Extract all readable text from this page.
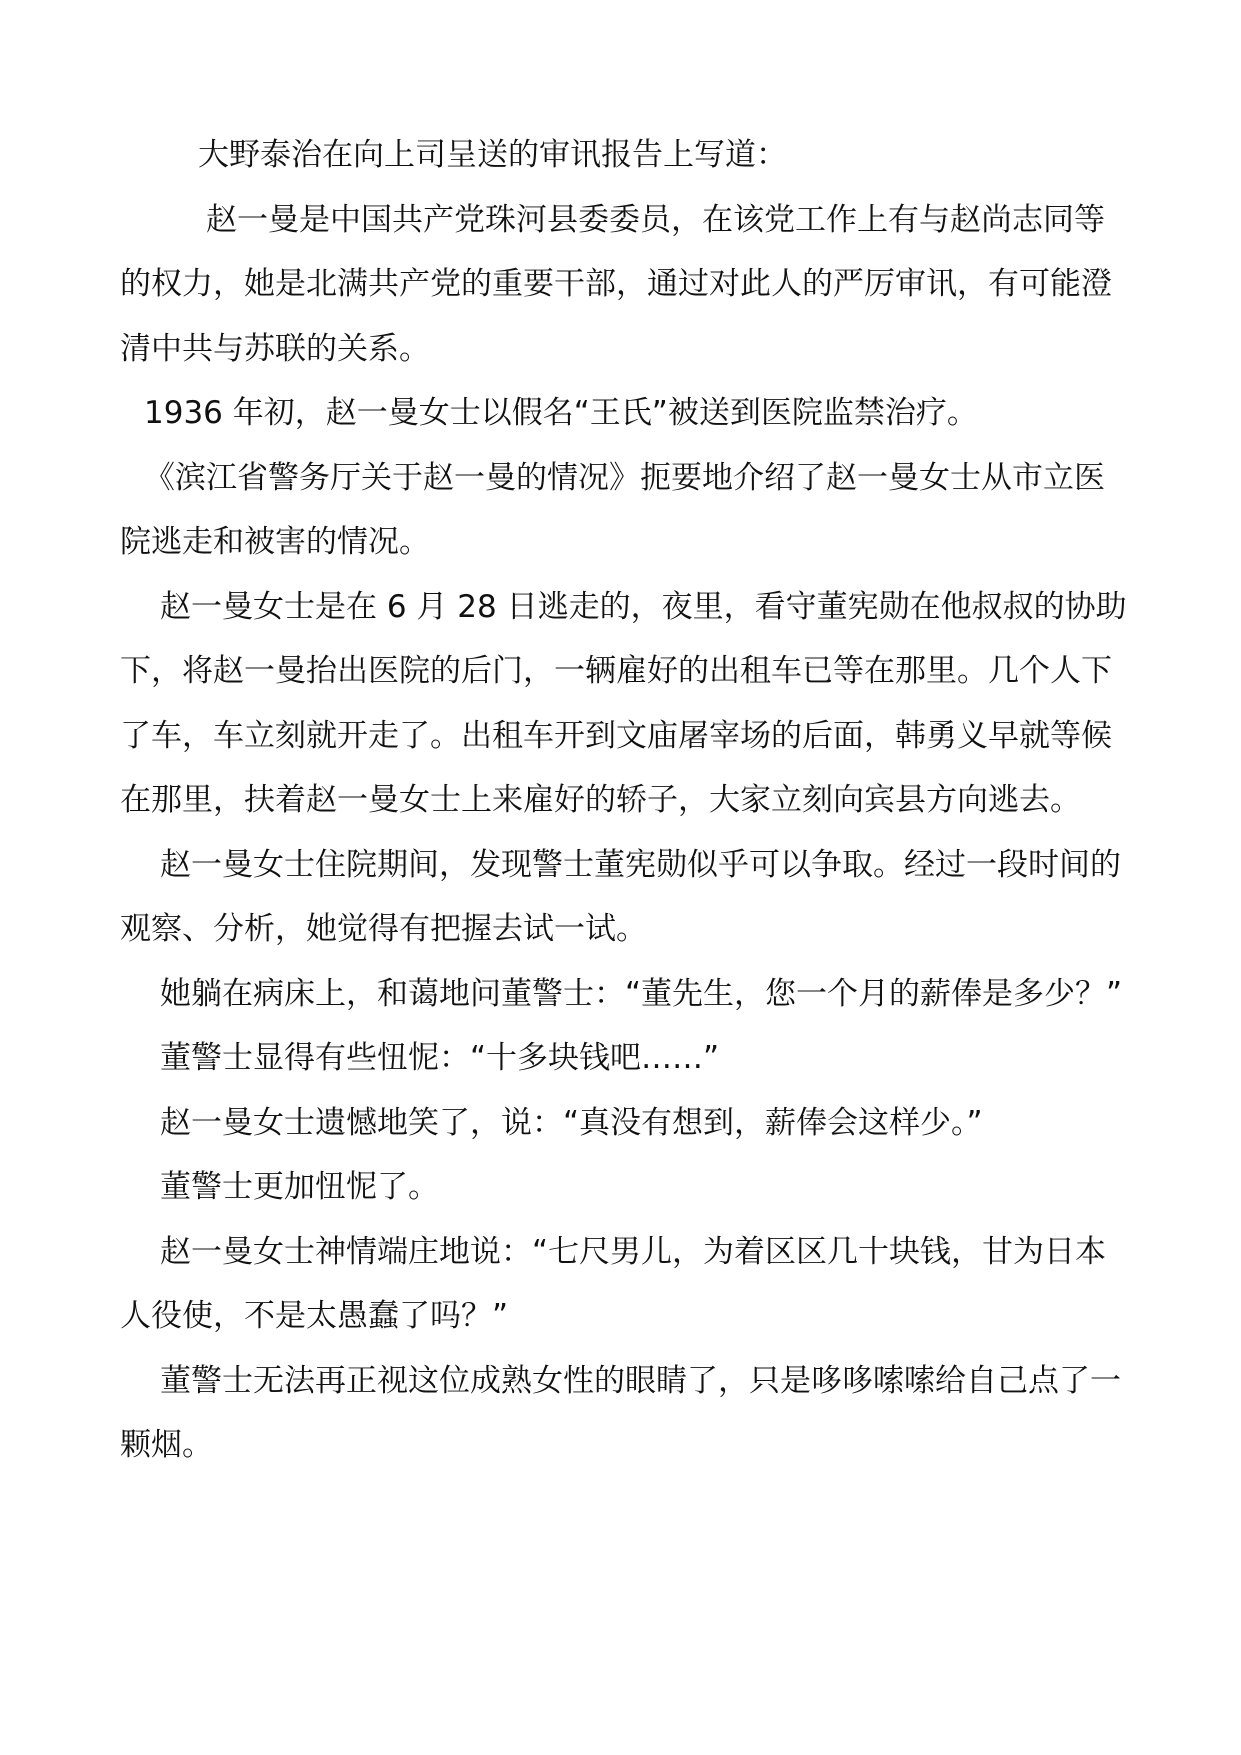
大野泰治在向上司呈送的审讯报告上写道：

赵一曼是中国共产党珠河县委委员，在该党工作上有与赵尚志同等的权力，她是北满共产党的重要干部，通过对此人的严厉审讯，有可能澄清中共与苏联的关系。

1936 年初，赵一曼女士以假名“王氏”被送到医院监禁治疗。

《滨江省警务厅关于赵一曼的情况》扼要地介绍了赵一曼女士从市立医院逃走和被害的情况。

赵一曼女士是在 6 月 28 日逃走的，夜里，看守董宪勋在他叔叔的协助下，将赵一曼抬出医院的后门，一辆雇好的出租车已等在那里。几个人下了车，车立刻就开走了。出租车开到文庙屠宰场的后面，韩勇义早就等候在那里，扶着赵一曼女士上来雇好的轿子，大家立刻向宾县方向逃去。

赵一曼女士住院期间，发现警士董宪勋似乎可以争取。经过一段时间的观察、分析，她觉得有把握去试一试。

她躺在病床上，和蔼地问董警士：“董先生，您一个月的薪俸是多少？”

董警士显得有些忸怩：“十多块钱吧……”

赵一曼女士遗憾地笑了，说：“真没有想到，薪俸会这样少。”

董警士更加忸怩了。

赵一曼女士神情端庄地说：“七尺男儿，为着区区几十块钱，甘为日本人役使，不是太愚蠢了吗？”

董警士无法再正视这位成熟女性的眼睛了，只是哆哆嗦嗦给自己点了一颗烟。
